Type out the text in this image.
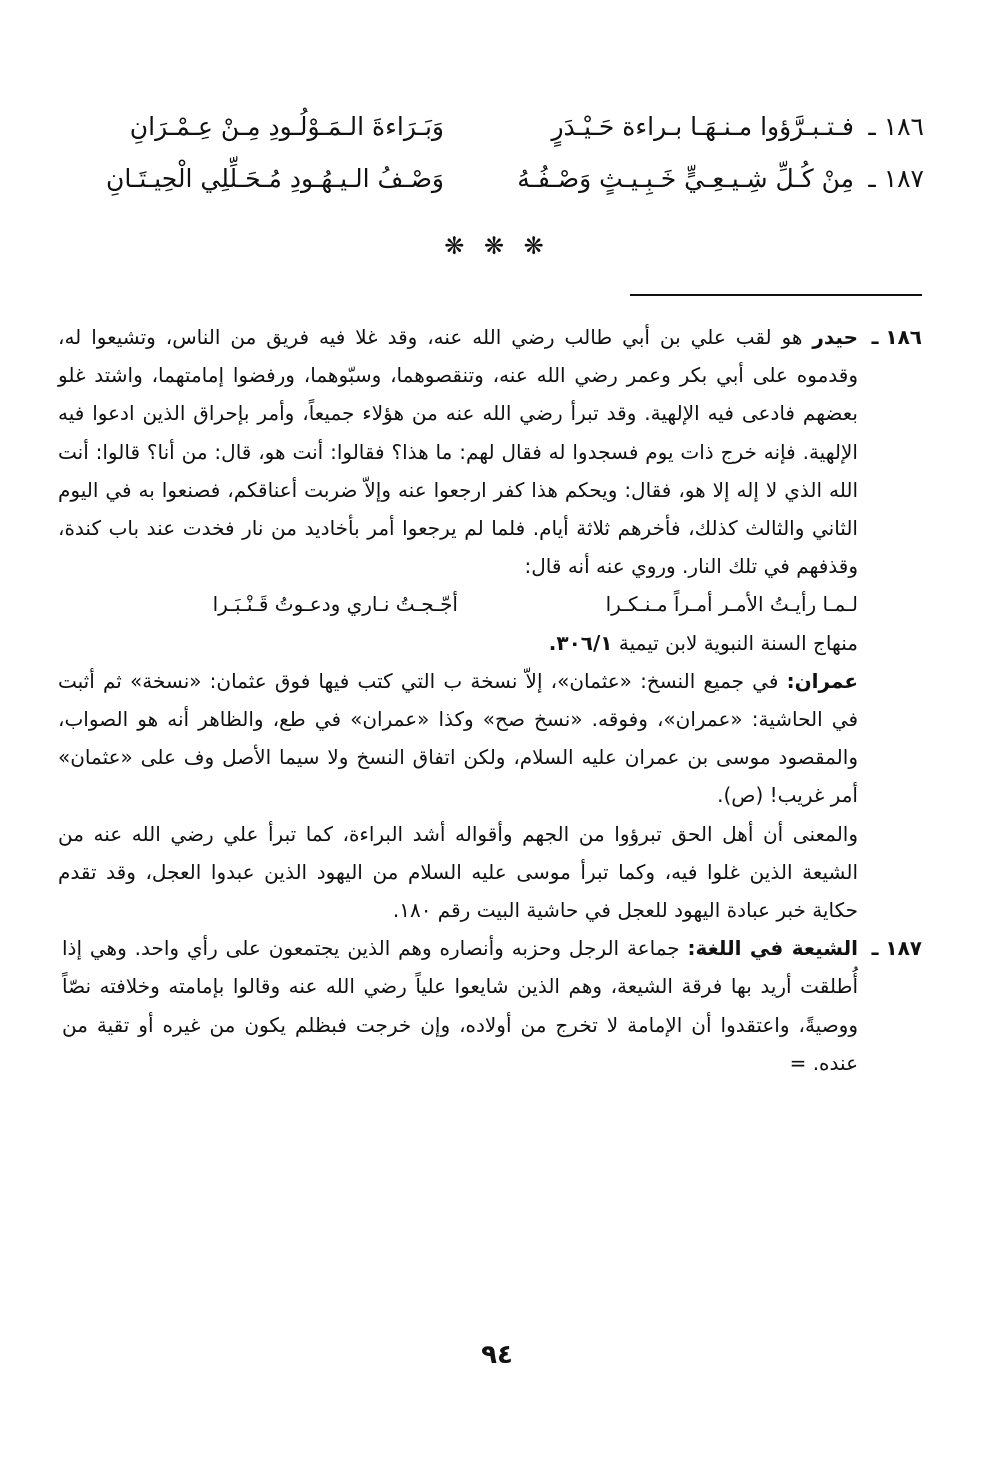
١٨٦ ـ
فـتـبـرَّؤوا مـنـهَـا بـراءة حَـيْـدَرٍ
وَبَـرَاءةَ الـمَـوْلُـودِ مِـنْ عِـمْـرَانِ
١٨٧ ـ
مِنْ كُـلِّ شِـيـعِـيٍّ خَـبِـيـثٍ وَصْـفُـهُ
وَصْـفُ الـيـهُـودِ مُـحَـلِّلِي الْحِيـتَـانِ
❋ ❋ ❋
١٨٦ ـ

حيدر هو لقب علي بن أبي طالب رضي الله عنه، وقد غلا فيه فريق من الناس، وتشيعوا له، وقدموه على أبي بكر وعمر رضي الله عنه، وتنقصوهما، وسبّوهما، ورفضوا إمامتهما، واشتد غلو بعضهم فادعى فيه الإلهية. وقد تبرأ رضي الله عنه من هؤلاء جميعاً، وأمر بإحراق الذين ادعوا فيه الإلهية. فإنه خرج ذات يوم فسجدوا له فقال لهم: ما هذا؟ فقالوا: أنت هو، قال: من أنا؟ قالوا: أنت الله الذي لا إله إلا هو، فقال: ويحكم هذا كفر ارجعوا عنه وإلاّ ضربت أعناقكم، فصنعوا به في اليوم الثاني والثالث كذلك، فأخرهم ثلاثة أيام. فلما لم يرجعوا أمر بأخاديد من نار فخدت عند باب كندة، وقذفهم في تلك النار. وروي عنه أنه قال:

لـمـا رأيـتُ الأمـر أمـراً مـنـكـرا
أجّـجـتُ نـاري ودعـوتُ قَـنْـبَـرا

منهاج السنة النبوية لابن تيمية ٣٠٦/١.

عمران: في جميع النسخ: «عثمان»، إلاّ نسخة ب التي كتب فيها فوق عثمان: «نسخة» ثم أثبت في الحاشية: «عمران»، وفوقه. «نسخ صح» وكذا «عمران» في طع، والظاهر أنه هو الصواب، والمقصود موسى بن عمران عليه السلام، ولكن اتفاق النسخ ولا سيما الأصل وف على «عثمان» أمر غريب! (ص).

والمعنى أن أهل الحق تبرؤوا من الجهم وأقواله أشد البراءة، كما تبرأ علي رضي الله عنه من الشيعة الذين غلوا فيه، وكما تبرأ موسى عليه السلام من اليهود الذين عبدوا العجل، وقد تقدم حكاية خبر عبادة اليهود للعجل في حاشية البيت رقم ١٨٠.

١٨٧ ـ

الشيعة في اللغة: جماعة الرجل وحزبه وأنصاره وهم الذين يجتمعون على رأي واحد. وهي إذا أُطلقت أريد بها فرقة الشيعة، وهم الذين شايعوا علياً رضي الله عنه وقالوا بإمامته وخلافته نصّاً ووصيةً، واعتقدوا أن الإمامة لا تخرج من أولاده، وإن خرجت فبظلم يكون من غيره أو تقية من عنده. =

٩٤
